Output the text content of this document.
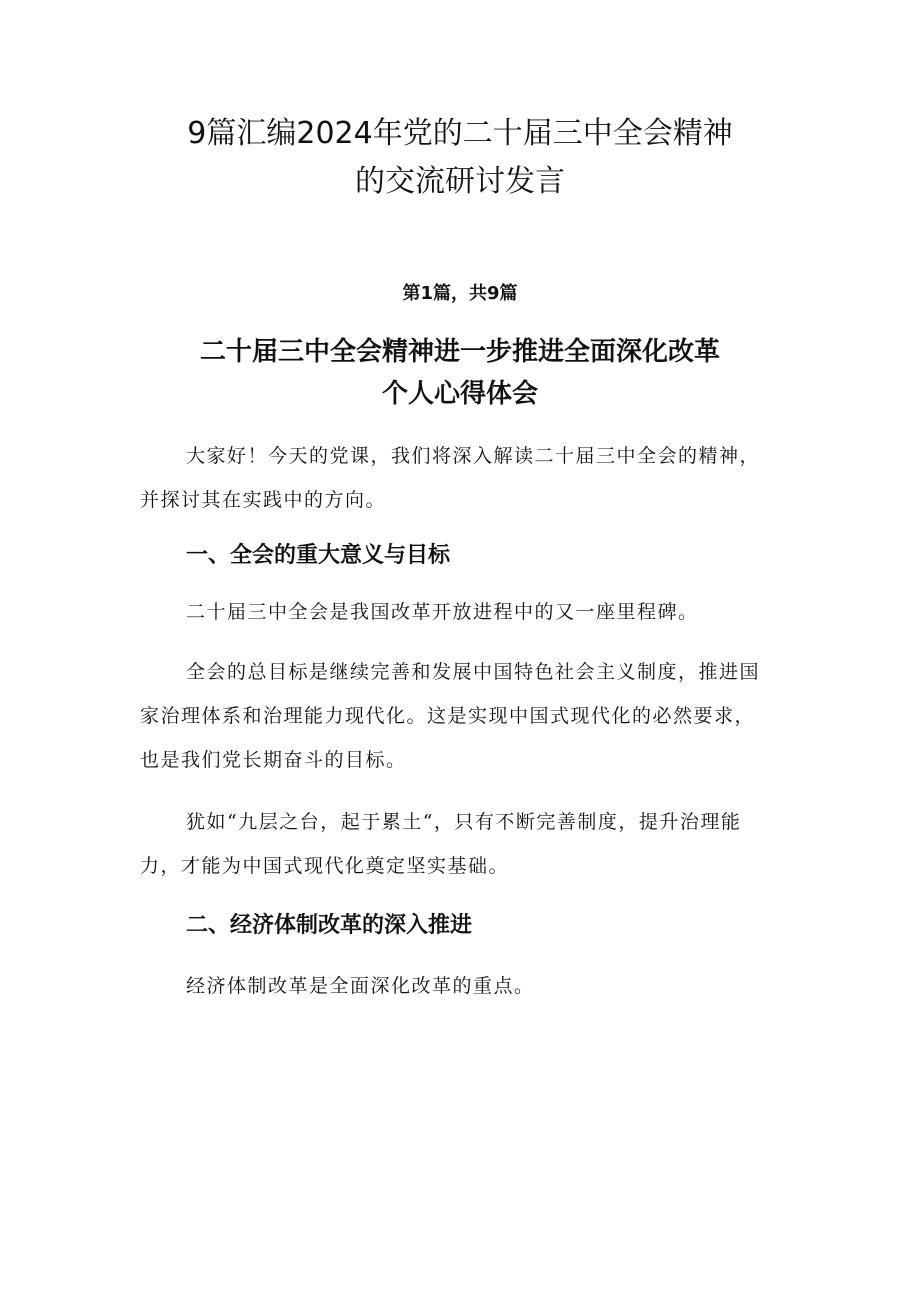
9篇汇编2024年党的二十届三中全会精神
的交流研讨发言
第1篇，共9篇
二十届三中全会精神进一步推进全面深化改革
个人心得体会

大家好！今天的党课，我们将深入解读二十届三中全会的精神，
并探讨其在实践中的方向。

一、全会的重大意义与目标

二十届三中全会是我国改革开放进程中的又一座里程碑。

全会的总目标是继续完善和发展中国特色社会主义制度，推进国
家治理体系和治理能力现代化。这是实现中国式现代化的必然要求，
也是我们党长期奋斗的目标。

犹如“九层之台，起于累土“，只有不断完善制度，提升治理能
力，才能为中国式现代化奠定坚实基础。

二、经济体制改革的深入推进

经济体制改革是全面深化改革的重点。
